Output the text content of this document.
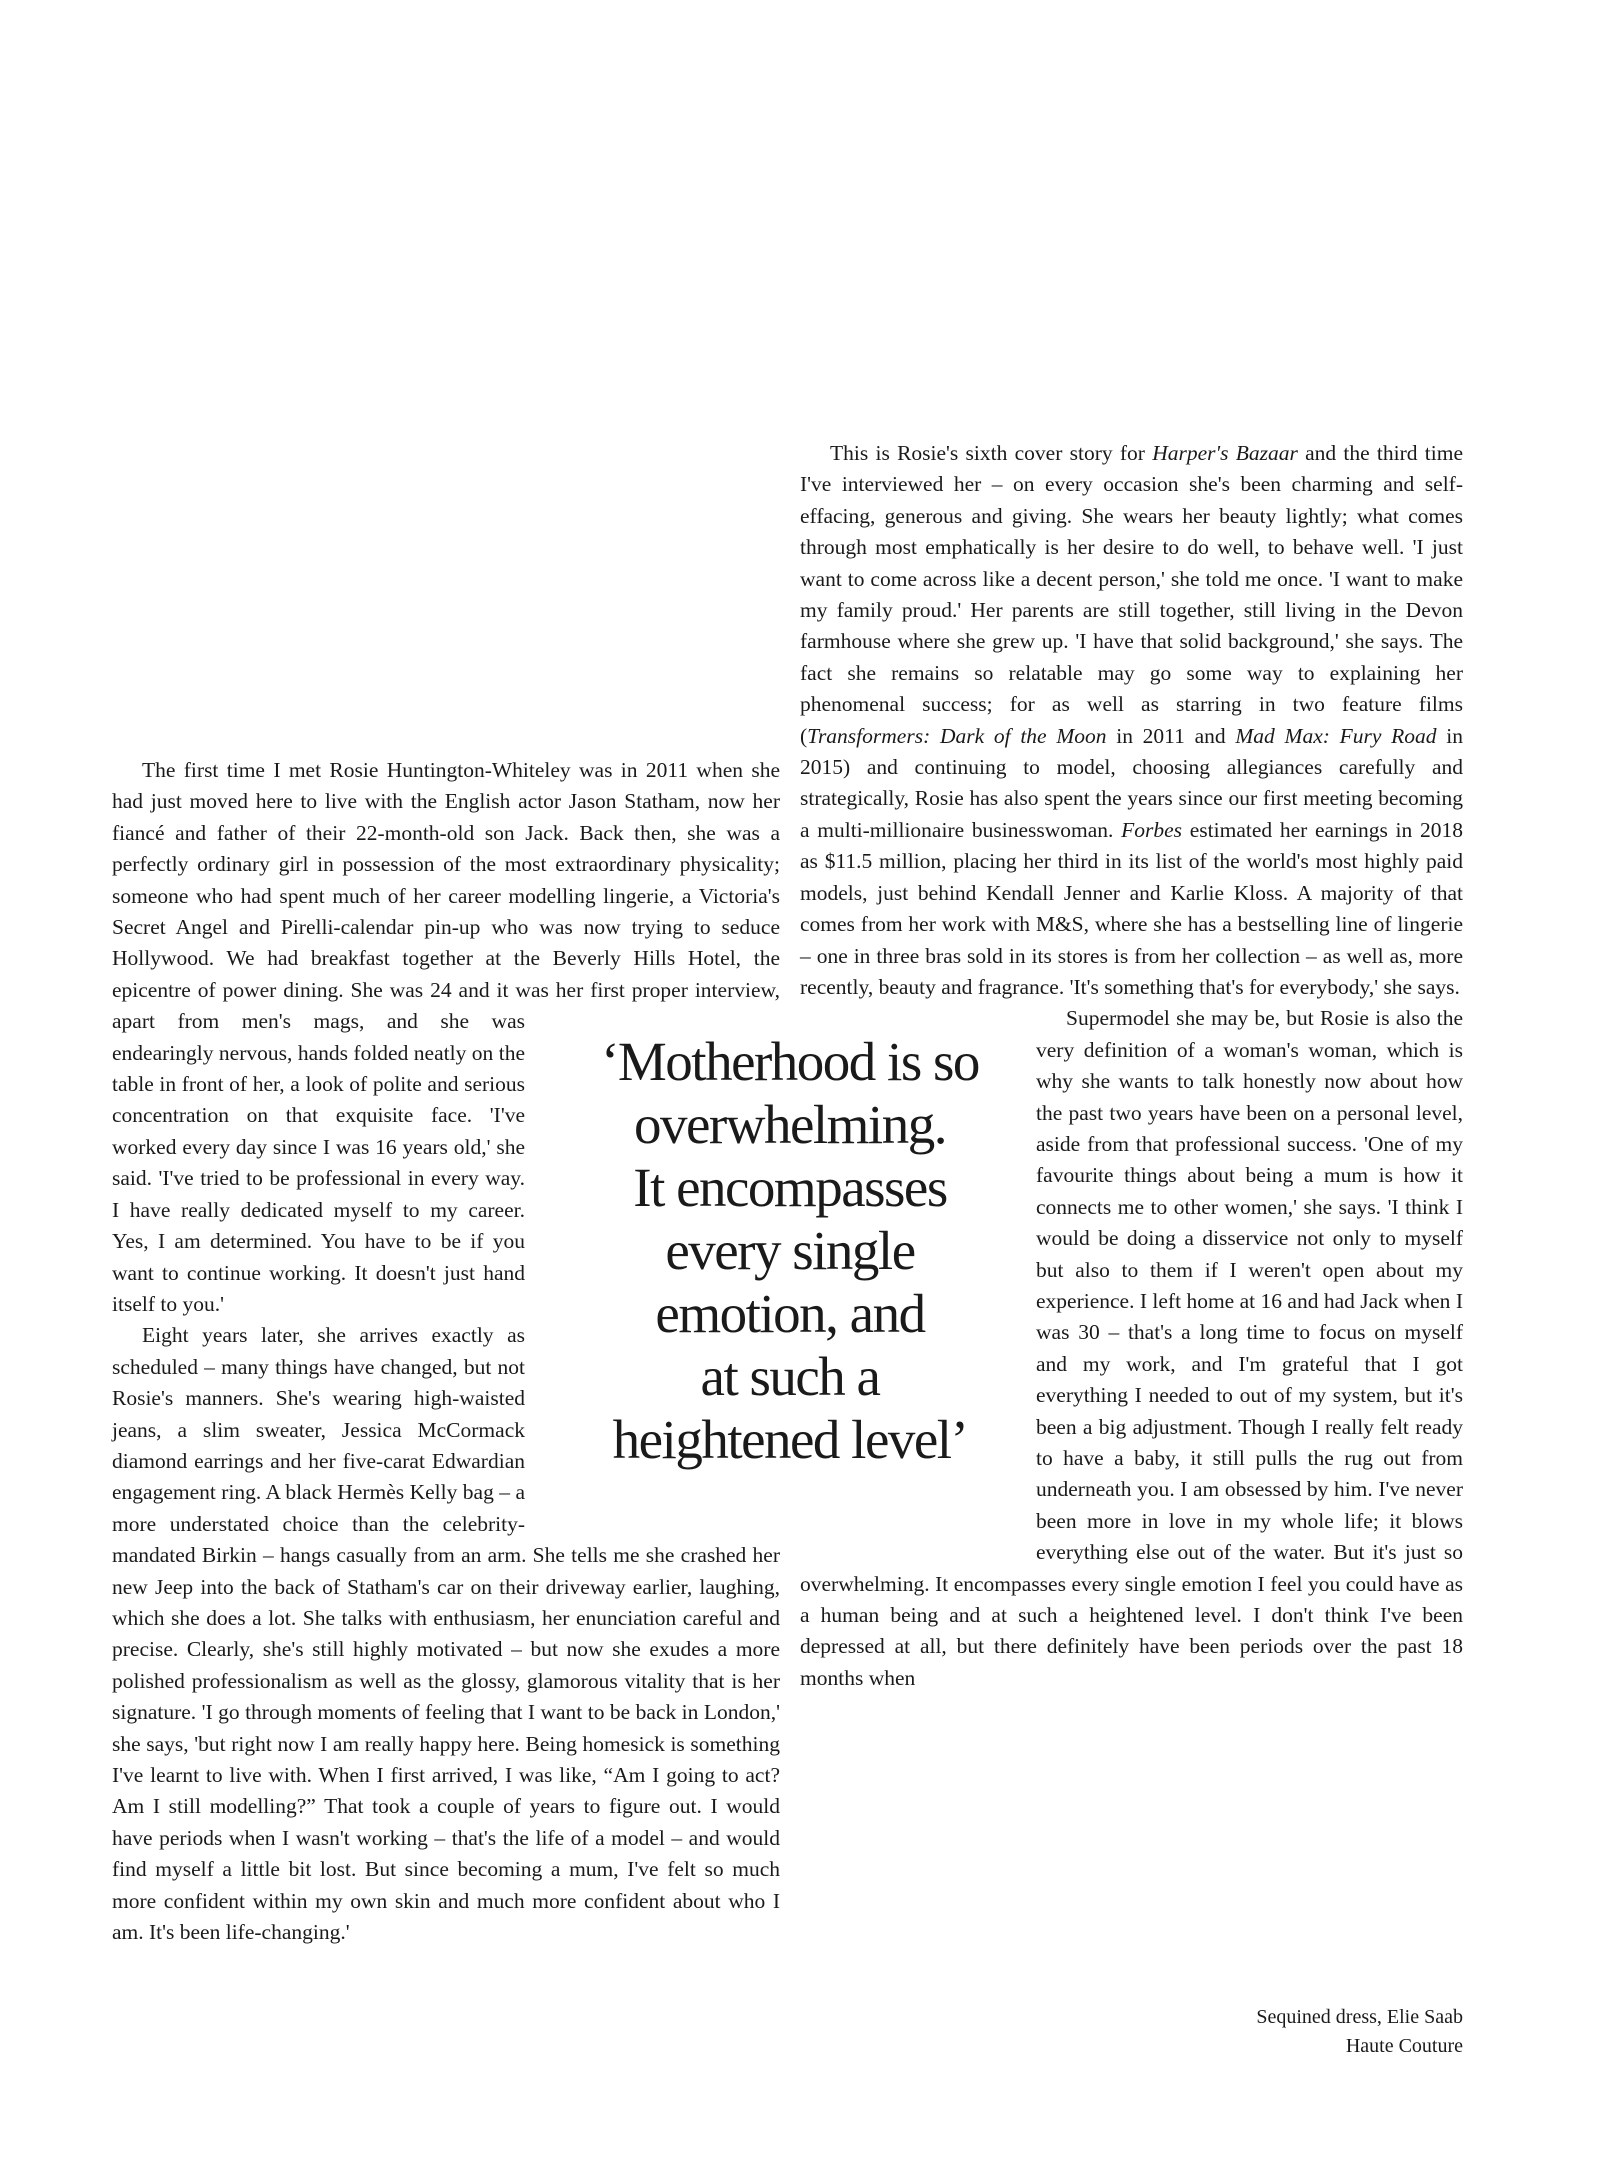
The first time I met Rosie Huntington-Whiteley was in 2011 when she had just moved here to live with the English actor Jason Statham, now her fiancé and father of their 22-month-old son Jack. Back then, she was a perfectly ordinary girl in possession of the most extraordinary physicality; someone who had spent much of her career modelling lingerie, a Victoria's Secret Angel and Pirelli-calendar pin-up who was now trying to seduce Hollywood. We had breakfast together at the Beverly Hills Hotel, the epicentre of power dining. She was 24 and it was her first proper interview, apart from men's mags, and she was endearingly nervous, hands folded neatly on the table in front of her, a look of polite and serious concentration on that exquisite face. 'I've worked every day since I was 16 years old,' she said. 'I've tried to be professional in every way. I have really dedicated myself to my career. Yes, I am determined. You have to be if you want to continue working. It doesn't just hand itself to you.'

Eight years later, she arrives exactly as scheduled – many things have changed, but not Rosie's manners. She's wearing high-waisted jeans, a slim sweater, Jessica McCormack diamond earrings and her five-carat Edwardian engagement ring. A black Hermès Kelly bag – a more understated choice than the celebrity-mandated Birkin – hangs casually from an arm. She tells me she crashed her new Jeep into the back of Statham's car on their driveway earlier, laughing, which she does a lot. She talks with enthusiasm, her enunciation careful and precise. Clearly, she's still highly motivated – but now she exudes a more polished professionalism as well as the glossy, glamorous vitality that is her signature. 'I go through moments of feeling that I want to be back in London,' she says, 'but right now I am really happy here. Being homesick is something I've learnt to live with. When I first arrived, I was like, “Am I going to act? Am I still modelling?” That took a couple of years to figure out. I would have periods when I wasn't working – that's the life of a model – and would find myself a little bit lost. But since becoming a mum, I've felt so much more confident within my own skin and much more confident about who I am. It's been life-changing.'

This is Rosie's sixth cover story for Harper's Bazaar and the third time I've interviewed her – on every occasion she's been charming and self-effacing, generous and giving. She wears her beauty lightly; what comes through most emphatically is her desire to do well, to behave well. 'I just want to come across like a decent person,' she told me once. 'I want to make my family proud.' Her parents are still together, still living in the Devon farmhouse where she grew up. 'I have that solid background,' she says. The fact she remains so relatable may go some way to explaining her phenomenal success; for as well as starring in two feature films (Transformers: Dark of the Moon in 2011 and Mad Max: Fury Road in 2015) and continuing to model, choosing allegiances carefully and strategically, Rosie has also spent the years since our first meeting becoming a multi-millionaire businesswoman. Forbes estimated her earnings in 2018 as $11.5 million, placing her third in its list of the world's most highly paid models, just behind Kendall Jenner and Karlie Kloss. A majority of that comes from her work with M&S, where she has a bestselling line of lingerie – one in three bras sold in its stores is from her collection – as well as, more recently, beauty and fragrance. 'It's something that's for everybody,' she says.

Supermodel she may be, but Rosie is also the very definition of a woman's woman, which is why she wants to talk honestly now about how the past two years have been on a personal level, aside from that professional success. 'One of my favourite things about being a mum is how it connects me to other women,' she says. 'I think I would be doing a disservice not only to myself but also to them if I weren't open about my experience. I left home at 16 and had Jack when I was 30 – that's a long time to focus on myself and my work, and I'm grateful that I got everything I needed to out of my system, but it's been a big adjustment. Though I really felt ready to have a baby, it still pulls the rug out from underneath you. I am obsessed by him. I've never been more in love in my whole life; it blows everything else out of the water. But it's just so overwhelming. It encompasses every single emotion I feel you could have as a human being and at such a heightened level. I don't think I've been depressed at all, but there definitely have been periods over the past 18 months when

‘Motherhood is so
overwhelming.
It encompasses
every single
emotion, and
at such a
heightened level’
Sequined dress, Elie Saab
Haute Couture
